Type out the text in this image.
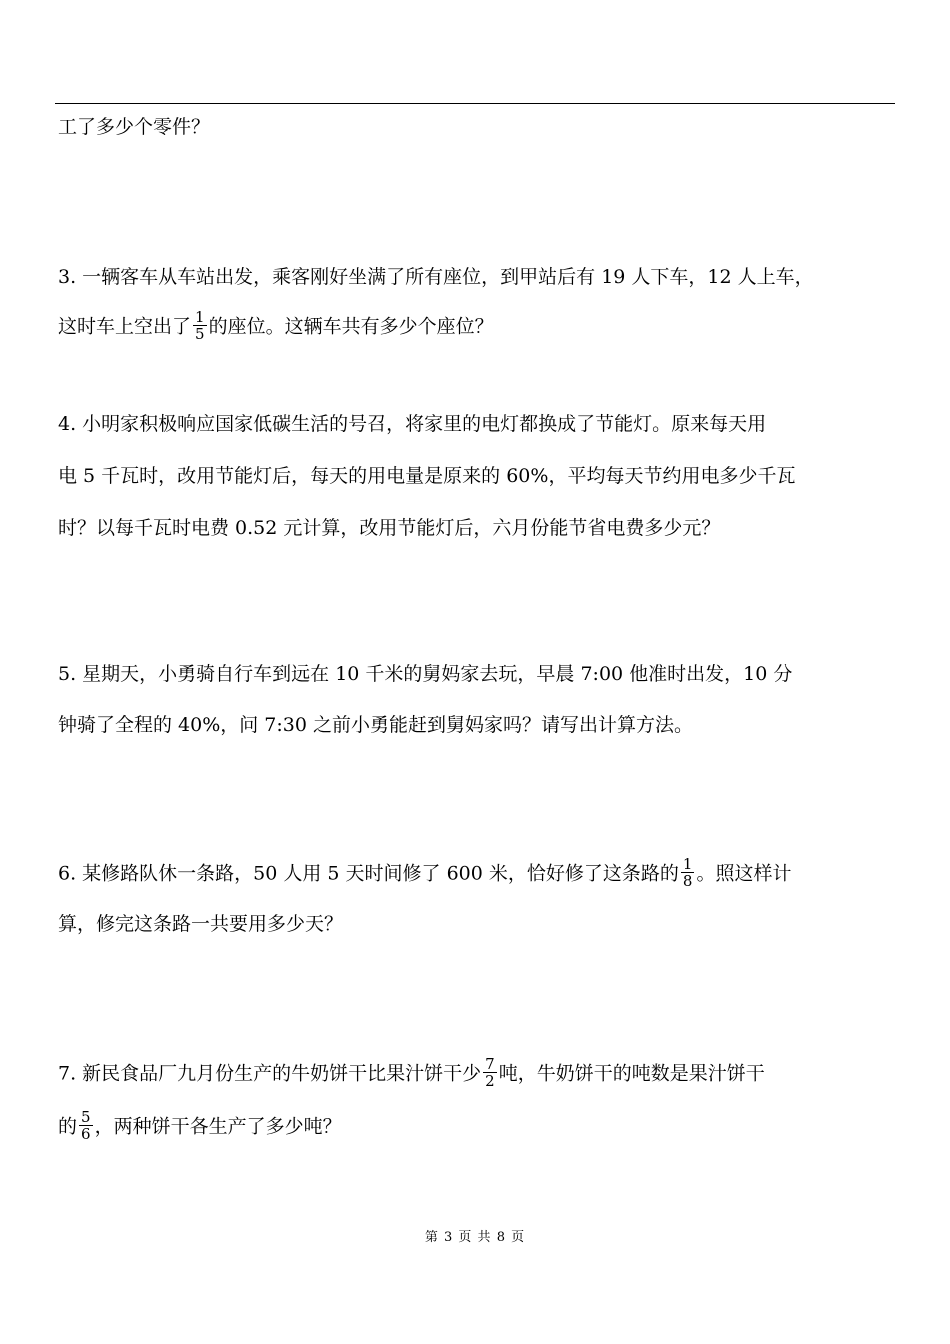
工了多少个零件？
3. 一辆客车从车站出发，乘客刚好坐满了所有座位，到甲站后有 19 人下车，12 人上车，
这时车上空出了 $\frac{1}{5}$ 的座位。这辆车共有多少个座位？
4. 小明家积极响应国家低碳生活的号召，将家里的电灯都换成了节能灯。原来每天用
电 5 千瓦时，改用节能灯后，每天的用电量是原来的 60%，平均每天节约用电多少千瓦
时？以每千瓦时电费 0.52 元计算，改用节能灯后，六月份能节省电费多少元？
5. 星期天，小勇骑自行车到远在 10 千米的舅妈家去玩，早晨 7:00 他准时出发，10 分
钟骑了全程的 40%，问 7:30 之前小勇能赶到舅妈家吗？请写出计算方法。
6. 某修路队休一条路，50 人用 5 天时间修了 600 米，恰好修了这条路的 $\frac{1}{8}$ 。照这样计
算，修完这条路一共要用多少天？
7. 新民食品厂九月份生产的牛奶饼干比果汁饼干少 $\frac{7}{2}$ 吨，牛奶饼干的吨数是果汁饼干
的 $\frac{5}{6}$ ，两种饼干各生产了多少吨？
第 3 页 共 8 页
